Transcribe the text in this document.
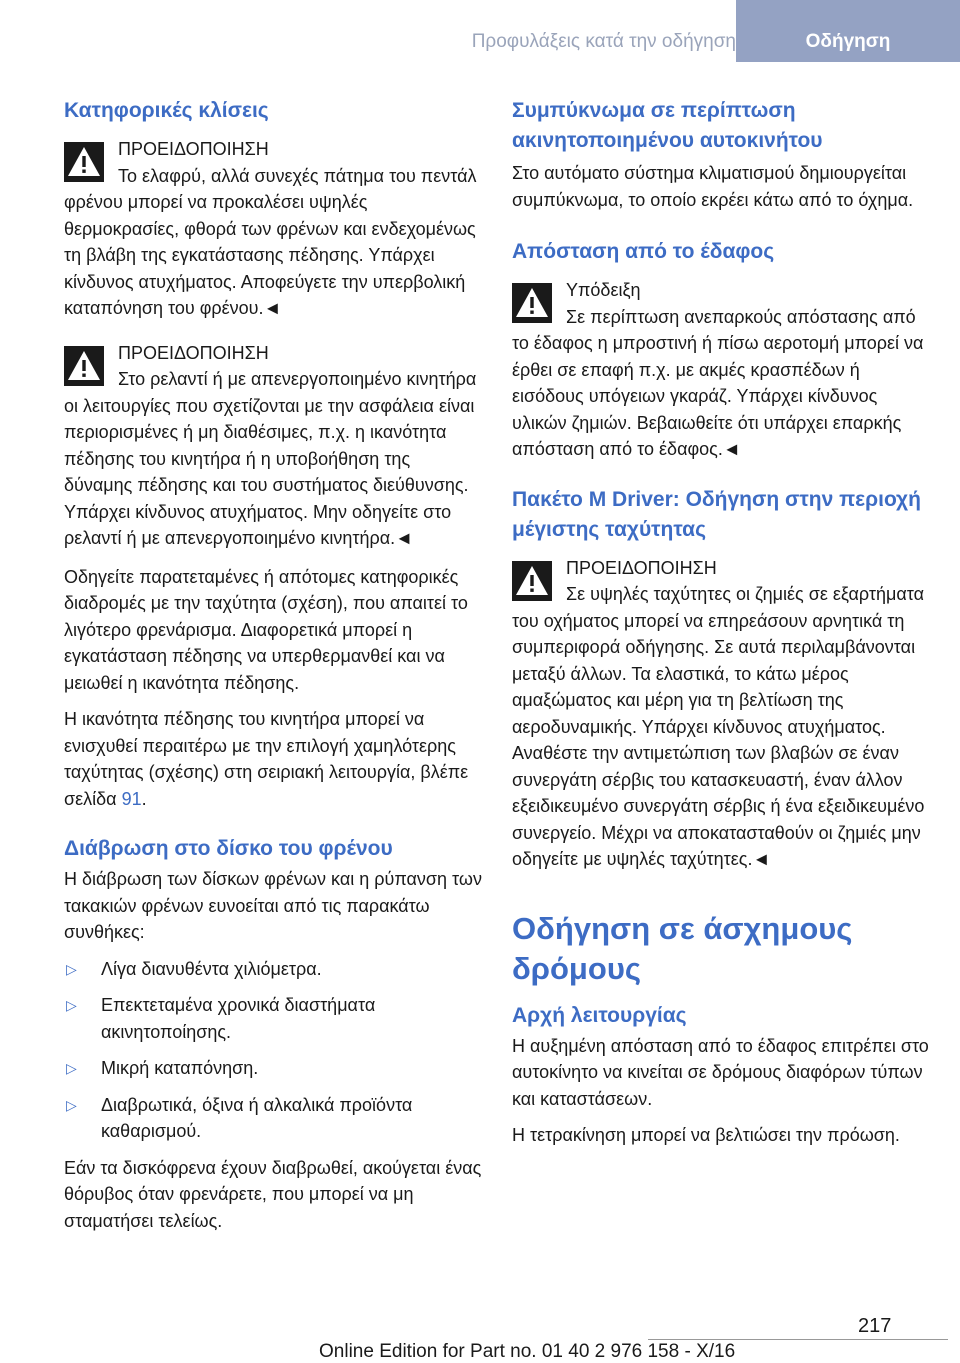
Προφυλάξεις κατά την οδήγηση	Οδήγηση
Κατηφορικές κλίσεις
ΠΡΟΕΙΔΟΠΟΙΗΣΗ
Το ελαφρύ, αλλά συνεχές πάτημα του πεντάλ φρένου μπορεί να προκαλέσει υψηλές θερμοκρασίες, φθορά των φρένων και ενδεχομένως τη βλάβη της εγκατάστασης πέδησης. Υπάρχει κίνδυνος ατυχήματος. Αποφεύγετε την υπερβολική καταπόνηση του φρένου.◄
ΠΡΟΕΙΔΟΠΟΙΗΣΗ
Στο ρελαντί ή με απενεργοποιημένο κινητήρα οι λειτουργίες που σχετίζονται με την ασφάλεια είναι περιορισμένες ή μη διαθέσιμες, π.χ. η ικανότητα πέδησης του κινητήρα ή η υποβοήθηση της δύναμης πέδησης και του συστήματος διεύθυνσης. Υπάρχει κίνδυνος ατυχήματος. Μην οδηγείτε στο ρελαντί ή με απενεργοποιημένο κινητήρα.◄

Οδηγείτε παρατεταμένες ή απότομες κατηφορικές διαδρομές με την ταχύτητα (σχέση), που απαιτεί το λιγότερο φρενάρισμα. Διαφορετικά μπορεί η εγκατάσταση πέδησης να υπερθερμανθεί και να μειωθεί η ικανότητα πέδησης.

Η ικανότητα πέδησης του κινητήρα μπορεί να ενισχυθεί περαιτέρω με την επιλογή χαμηλότερης ταχύτητας (σχέσης) στη σειριακή λειτουργία, βλέπε σελίδα 91.

Διάβρωση στο δίσκο του φρένου

Η διάβρωση των δίσκων φρένων και η ρύπανση των τακακιών φρένων ευνοείται από τις παρακάτω συνθήκες:

▷ Λίγα διανυθέντα χιλιόμετρα.
▷ Επεκτεταμένα χρονικά διαστήματα ακινητοποίησης.
▷ Μικρή καταπόνηση.
▷ Διαβρωτικά, όξινα ή αλκαλικά προϊόντα καθαρισμού.

Εάν τα δισκόφρενα έχουν διαβρωθεί, ακούγεται ένας θόρυβος όταν φρενάρετε, που μπορεί να μη σταματήσει τελείως.

Συμπύκνωμα σε περίπτωση ακινητοποιημένου αυτοκινήτου

Στο αυτόματο σύστημα κλιματισμού δημιουργείται συμπύκνωμα, το οποίο εκρέει κάτω από το όχημα.

Απόσταση από το έδαφος
Υπόδειξη
Σε περίπτωση ανεπαρκούς απόστασης από το έδαφος η μπροστινή ή πίσω αεροτομή μπορεί να έρθει σε επαφή π.χ. με ακμές κρασπέδων ή εισόδους υπόγειων γκαράζ. Υπάρχει κίνδυνος υλικών ζημιών. Βεβαιωθείτε ότι υπάρχει επαρκής απόσταση από το έδαφος.◄
Πακέτο M Driver: Οδήγηση στην περιοχή μέγιστης ταχύτητας
ΠΡΟΕΙΔΟΠΟΙΗΣΗ
Σε υψηλές ταχύτητες οι ζημιές σε εξαρτήματα του οχήματος μπορεί να επηρεάσουν αρνητικά τη συμπεριφορά οδήγησης. Σε αυτά περιλαμβάνονται μεταξύ άλλων. Τα ελαστικά, το κάτω μέρος αμαξώματος και μέρη για τη βελτίωση της αεροδυναμικής. Υπάρχει κίνδυνος ατυχήματος. Αναθέστε την αντιμετώπιση των βλαβών σε έναν συνεργάτη σέρβις του κατασκευαστή, έναν άλλον εξειδικευμένο συνεργάτη σέρβις ή ένα εξειδικευμένο συνεργείο. Μέχρι να αποκατασταθούν οι ζημιές μην οδηγείτε με υψηλές ταχύτητες.◄
Οδήγηση σε άσχημους δρόμους
Αρχή λειτουργίας

Η αυξημένη απόσταση από το έδαφος επιτρέπει στο αυτοκίνητο να κινείται σε δρόμους διαφόρων τύπων και καταστάσεων.

Η τετρακίνηση μπορεί να βελτιώσει την πρόωση.

217
Online Edition for Part no. 01 40 2 976 158 - X/16
